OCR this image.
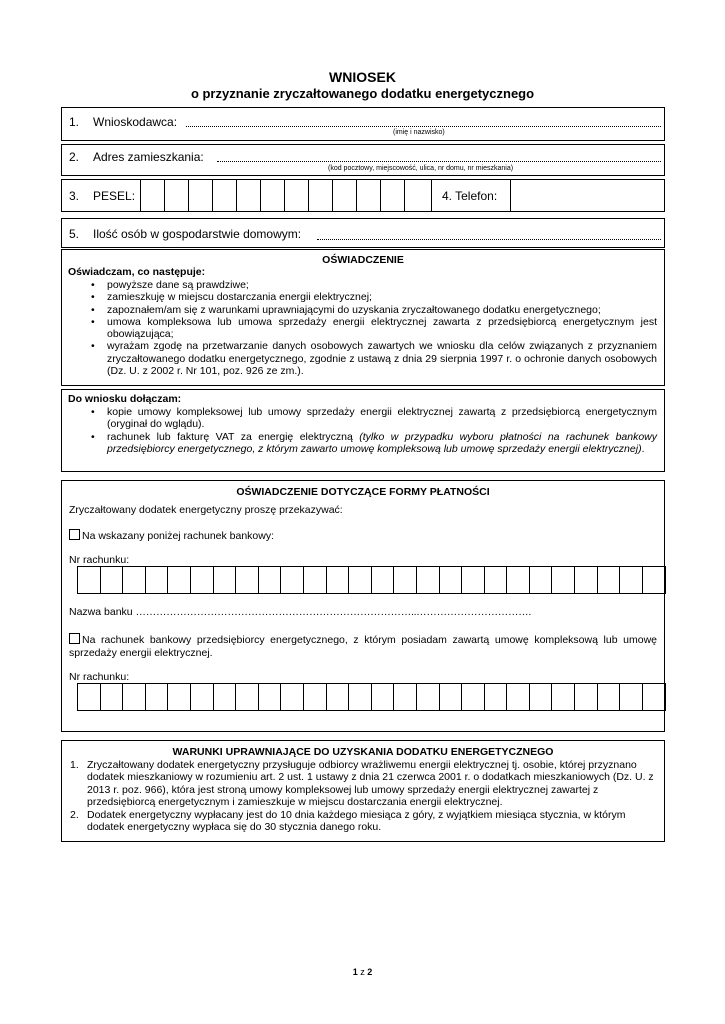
WNIOSEK
o przyznanie zryczałtowanego dodatku energetycznego
1. Wnioskodawca:
(imię i nazwisko)
2. Adres zamieszkania:
(kod pocztowy, miejscowość, ulica, nr domu, nr mieszkania)
3. PESEL:	4. Telefon:
5. Ilość osób w gospodarstwie domowym:
OŚWIADCZENIE
Oświadczam, co następuje:
• powyższe dane są prawdziwe;
• zamieszkuję w miejscu dostarczania energii elektrycznej;
• zapoznałem/am się z warunkami uprawniającymi do uzyskania zryczałtowanego dodatku energetycznego;
• umowa kompleksowa lub umowa sprzedaży energii elektrycznej zawarta z przedsiębiorcą energetycznym jest obowiązująca;
• wyrażam zgodę na przetwarzanie danych osobowych zawartych we wniosku dla celów związanych z przyznaniem zryczałtowanego dodatku energetycznego, zgodnie z ustawą z dnia 29 sierpnia 1997 r. o ochronie danych osobowych (Dz. U. z 2002 r. Nr 101, poz. 926 ze zm.).
Do wniosku dołączam:
• kopie umowy kompleksowej lub umowy sprzedaży energii elektrycznej zawartą z przedsiębiorcą energetycznym (oryginał do wglądu).
• rachunek lub fakturę VAT za energię elektryczną (tylko w przypadku wyboru płatności na rachunek bankowy przedsiębiorcy energetycznego, z którym zawarto umowę kompleksową lub umowę sprzedaży energii elektrycznej).
OŚWIADCZENIE DOTYCZĄCE FORMY PŁATNOŚCI
Zryczałtowany dodatek energetyczny proszę przekazywać:
Na wskazany poniżej rachunek bankowy:
Nr rachunku:
Nazwa banku ………………………………………………………………………..…………………………….
Na rachunek bankowy przedsiębiorcy energetycznego, z którym posiadam zawartą umowę kompleksową lub umowę sprzedaży energii elektrycznej.
Nr rachunku:
WARUNKI UPRAWNIAJĄCE DO UZYSKANIA DODATKU ENERGETYCZNEGO
1. Zryczałtowany dodatek energetyczny przysługuje odbiorcy wrażliwemu energii elektrycznej tj. osobie, której przyznano dodatek mieszkaniowy w rozumieniu art. 2 ust. 1 ustawy z dnia 21 czerwca 2001 r. o dodatkach mieszkaniowych (Dz. U. z 2013 r. poz. 966), która jest stroną umowy kompleksowej lub umowy sprzedaży energii elektrycznej zawartej z przedsiębiorcą energetycznym i zamieszkuje w miejscu dostarczania energii elektrycznej.
2. Dodatek energetyczny wypłacany jest do 10 dnia każdego miesiąca z góry, z wyjątkiem miesiąca stycznia, w którym dodatek energetyczny wypłaca się do 30 stycznia danego roku.
1 z 2
